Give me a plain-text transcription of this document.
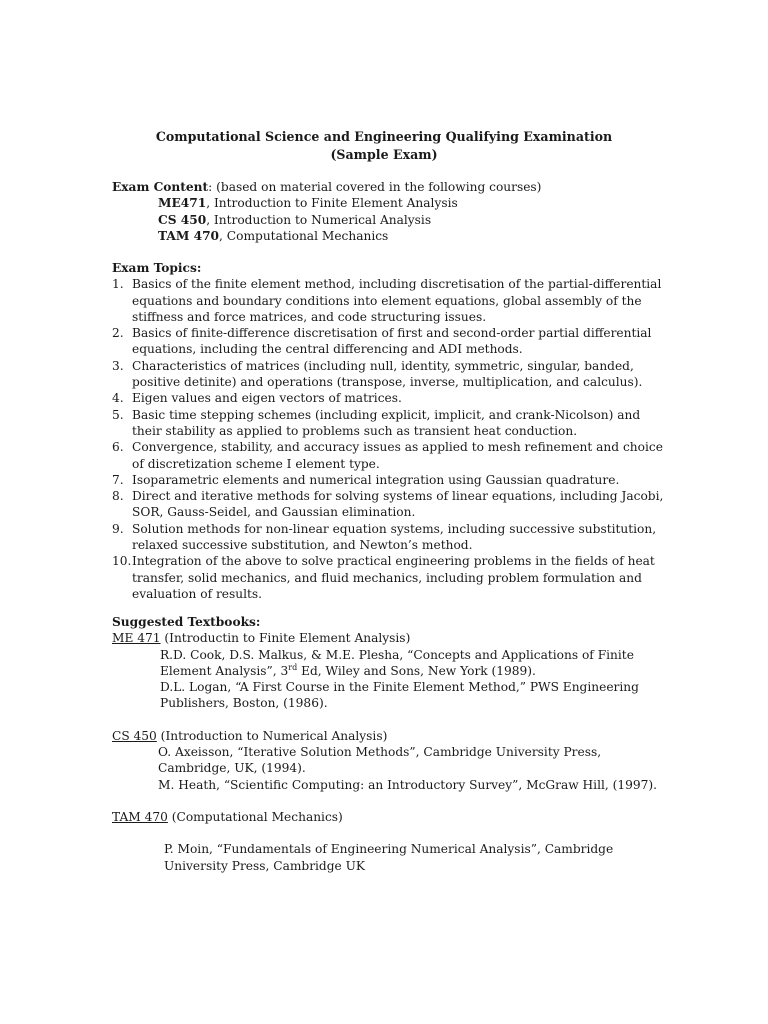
Computational Science and Engineering Qualifying Examination
(Sample Exam)
Exam Content: (based on material covered in the following courses)
ME471, Introduction to Finite Element Analysis
CS 450, Introduction to Numerical Analysis
TAM 470, Computational Mechanics
Exam Topics:
1. Basics of the finite element method, including discretisation of the partial-differential equations and boundary conditions into element equations, global assembly of the stiffness and force matrices, and code structuring issues.
2. Basics of finite-difference discretisation of first and second-order partial differential equations, including the central differencing and ADI methods.
3. Characteristics of matrices (including null, identity, symmetric, singular, banded, positive detinite) and operations (transpose, inverse, multiplication, and calculus).
4. Eigen values and eigen vectors of matrices.
5. Basic time stepping schemes (including explicit, implicit, and crank-Nicolson) and their stability as applied to problems such as transient heat conduction.
6. Convergence, stability, and accuracy issues as applied to mesh refinement and choice of discretization scheme I element type.
7. Isoparametric elements and numerical integration using Gaussian quadrature.
8. Direct and iterative methods for solving systems of linear equations, including Jacobi, SOR, Gauss-Seidel, and Gaussian elimination.
9. Solution methods for non-linear equation systems, including successive substitution, relaxed successive substitution, and Newton’s method.
10. Integration of the above to solve practical engineering problems in the fields of heat transfer, solid mechanics, and fluid mechanics, including problem formulation and evaluation of results.
Suggested Textbooks:
ME 471 (Introductin to Finite Element Analysis)
R.D. Cook, D.S. Malkus, & M.E. Plesha, “Concepts and Applications of Finite
Element Analysis”, 3rd Ed, Wiley and Sons, New York (1989).
D.L. Logan, “A First Course in the Finite Element Method,” PWS Engineering
Publishers, Boston, (1986).
CS 450 (Introduction to Numerical Analysis)
O. Axeisson, “Iterative Solution Methods”, Cambridge University Press,
Cambridge, UK, (1994).
M. Heath, “Scientific Computing: an Introductory Survey”, McGraw Hill, (1997).
TAM 470 (Computational Mechanics)
P. Moin, “Fundamentals of Engineering Numerical Analysis”, Cambridge
University Press, Cambridge UK
